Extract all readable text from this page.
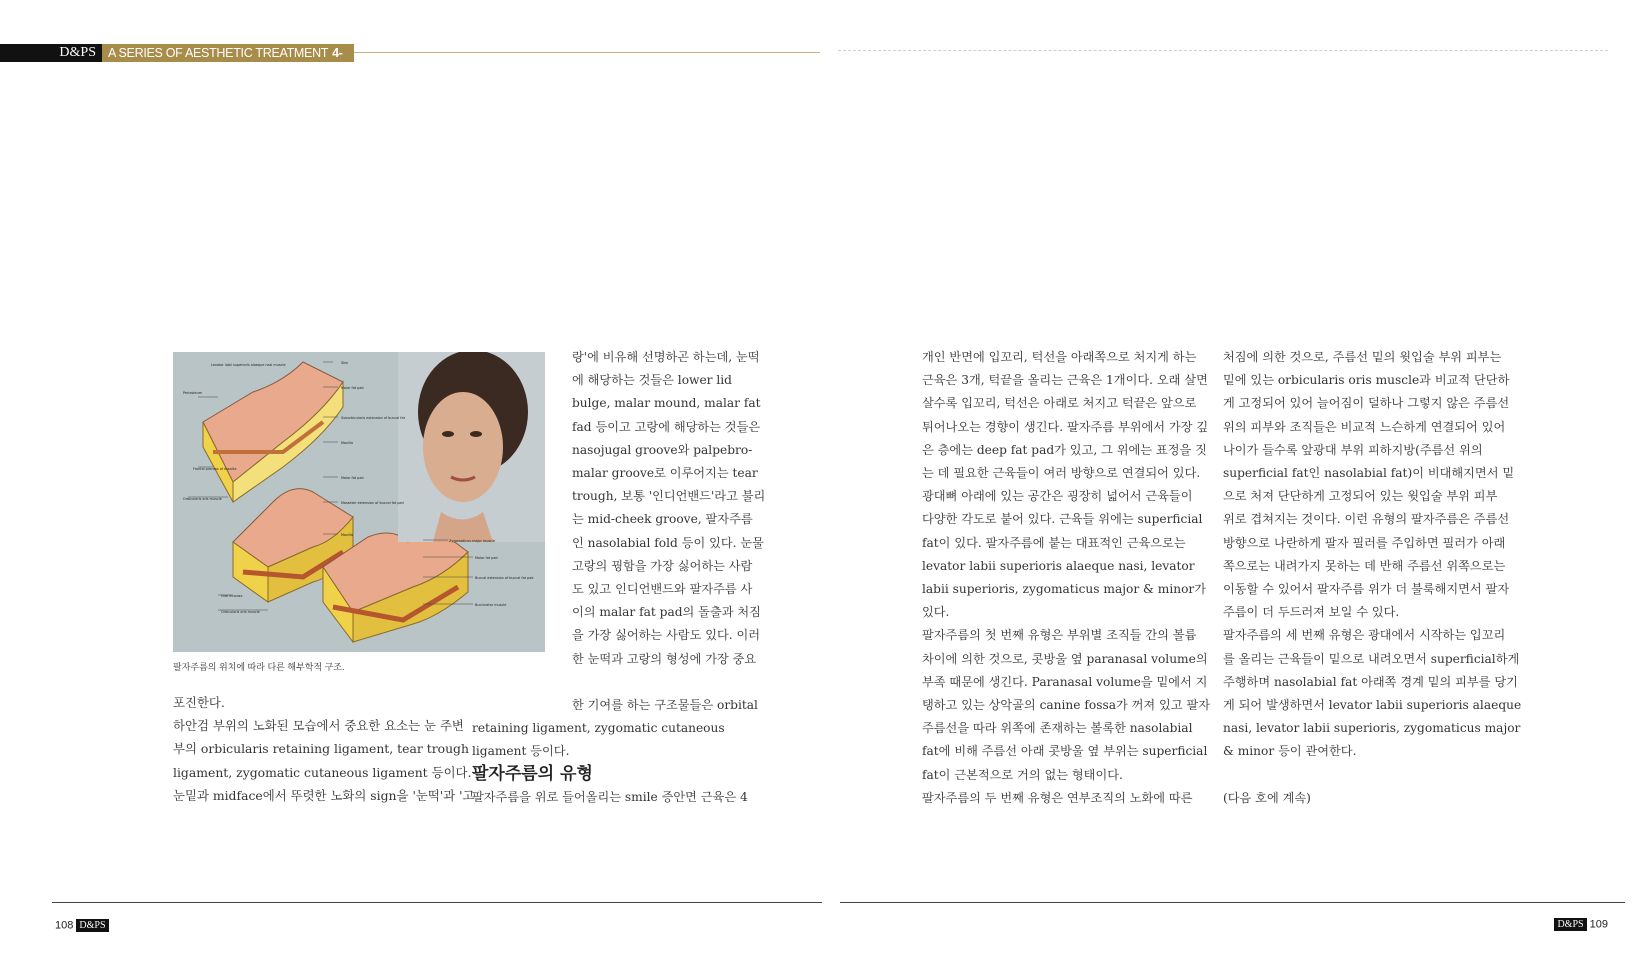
D&PS A SERIES OF AESTHETIC TREATMENT 4-97
Levator labii superioris alaeque nasi muscle	Skin
Malar fat pad
Periosteum
Suborbicularis extension of buccal fat
Maxilla
Frontal process of maxilla
Malar fat pad
Orbicularis oris muscle
Masseter extension of buccal fat pad
Maxilla
Zygomaticus major muscle
Malar fat pad
Buccal extension of buccal fat pad
Oral mucosa
Orbicularis oris muscle
Buccinator muscle
팔자주름의 위치에 따라 다른 해부학적 구조.

포진한다.

하안검 부위의 노화된 모습에서 중요한 요소는 눈 주변

부의 orbicularis retaining ligament, tear trough

ligament, zygomatic cutaneous ligament 등이다.

눈밑과 midface에서 뚜렷한 노화의 sign을 '눈떡'과 '고

랑'에 비유해 선명하곤 하는데, 눈떡

에 해당하는 것들은 lower lid

bulge, malar mound, malar fat

fad 등이고 고랑에 해당하는 것들은

nasojugal groove와 palpebro-

malar groove로 이루어지는 tear

trough, 보통 '인디언밴드'라고 불리

는 mid-cheek groove, 팔자주름

인 nasolabial fold 등이 있다. 눈물

고랑의 꿩함을 가장 싫어하는 사람

도 있고 인디언밴드와 팔자주름 사

이의 malar fat pad의 돌출과 처짐

을 가장 싫어하는 사람도 있다. 이러

한 눈떡과 고랑의 형성에 가장 중요

한 기여를 하는 구조물들은 orbital

retaining ligament, zygomatic cutaneous

ligament 등이다.

팔자주름의 유형

팔자주름을 위로 들어올리는 smile 증안면 근육은 4

개인 반면에 입꼬리, 턱선을 아래쪽으로 처지게 하는

근육은 3개, 턱끝을 올리는 근육은 1개이다. 오래 살면

살수록 입꼬리, 턱선은 아래로 처지고 턱끝은 앞으로

튀어나오는 경향이 생긴다. 팔자주름 부위에서 가장 깊

은 층에는 deep fat pad가 있고, 그 위에는 표정을 짓

는 데 필요한 근육들이 여러 방향으로 연결되어 있다.

광대뼈 아래에 있는 공간은 굉장히 넓어서 근육들이

다양한 각도로 붙어 있다. 근육들 위에는 superficial

fat이 있다. 팔자주름에 붙는 대표적인 근육으로는

levator labii superioris alaeque nasi, levator

labii superioris, zygomaticus major & minor가

있다.

팔자주름의 첫 번째 유형은 부위별 조직들 간의 볼륨

차이에 의한 것으로, 콧방울 옆 paranasal volume의

부족 때문에 생긴다. Paranasal volume을 밑에서 지

탱하고 있는 상악골의 canine fossa가 꺼져 있고 팔자

주름선을 따라 위쪽에 존재하는 볼록한 nasolabial

fat에 비해 주름선 아래 콧방울 옆 부위는 superficial

fat이 근본적으로 거의 없는 형태이다.

팔자주름의 두 번째 유형은 연부조직의 노화에 따른

처짐에 의한 것으로, 주름선 밑의 윗입술 부위 피부는

밑에 있는 orbicularis oris muscle과 비교적 단단하

게 고정되어 있어 늘어짐이 덜하나 그렇지 않은 주름선

위의 피부와 조직들은 비교적 느슨하게 연결되어 있어

나이가 들수록 앞광대 부위 피하지방(주름선 위의

superficial fat인 nasolabial fat)이 비대해지면서 밑

으로 처져 단단하게 고정되어 있는 윗입술 부위 피부

위로 겹쳐지는 것이다. 이런 유형의 팔자주름은 주름선

방향으로 나란하게 팔자 필러를 주입하면 필러가 아래

쪽으로는 내려가지 못하는 데 반해 주름선 위쪽으로는

이동할 수 있어서 팔자주름 위가 더 불룩해지면서 팔자

주름이 더 두드러져 보일 수 있다.

팔자주름의 세 번째 유형은 광대에서 시작하는 입꼬리

를 올리는 근육들이 밑으로 내려오면서 superficial하게

주행하며 nasolabial fat 아래쪽 경계 밑의 피부를 당기

게 되어 발생하면서 levator labii superioris alaeque

nasi, levator labii superioris, zygomaticus major

& minor 등이 관여한다.

(다음 호에 계속)

108 D&PS	D&PS 109
